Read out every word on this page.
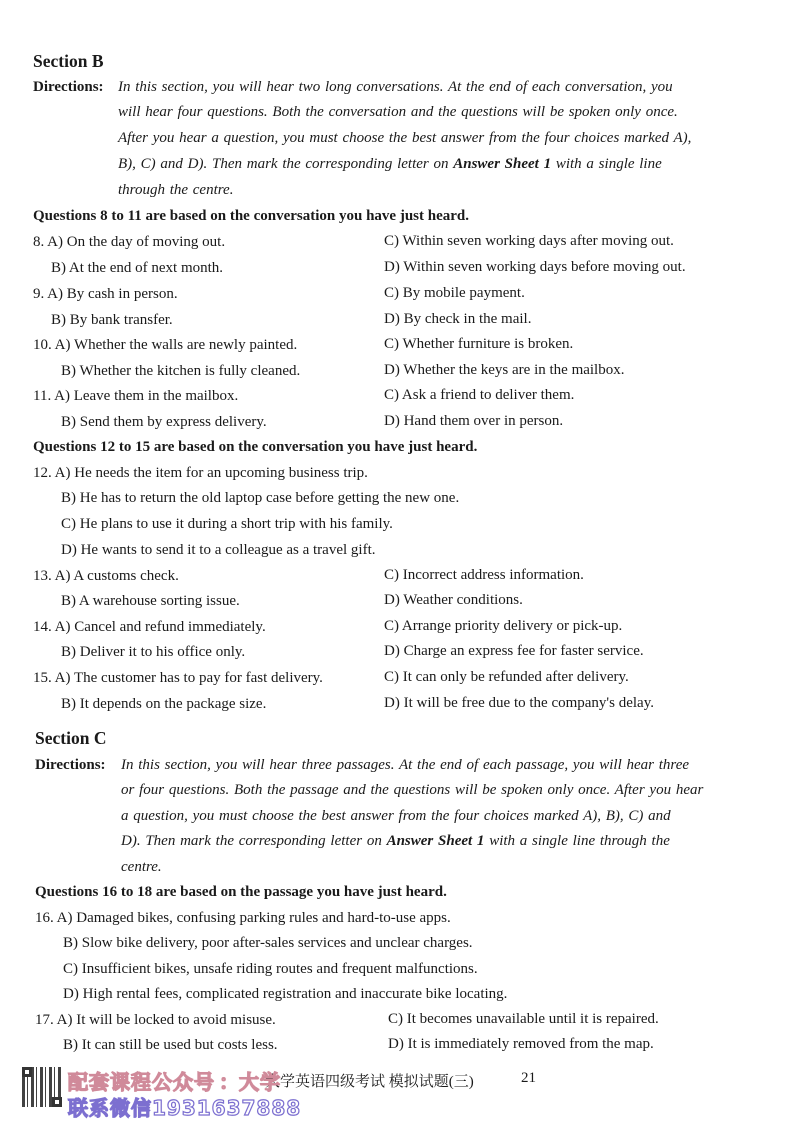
Section B
Directions: In this section, you will hear two long conversations. At the end of each conversation, you
will hear four questions. Both the conversation and the questions will be spoken only once.
After you hear a question, you must choose the best answer from the four choices marked A),
B), C) and D). Then mark the corresponding letter on Answer Sheet 1 with a single line
through the centre.
Questions 8 to 11 are based on the conversation you have just heard.
8. A) On the day of moving out.	C) Within seven working days after moving out.
B) At the end of next month.	D) Within seven working days before moving out.
9. A) By cash in person.	C) By mobile payment.
B) By bank transfer.	D) By check in the mail.
10. A) Whether the walls are newly painted.	C) Whether furniture is broken.
B) Whether the kitchen is fully cleaned.	D) Whether the keys are in the mailbox.
11. A) Leave them in the mailbox.	C) Ask a friend to deliver them.
B) Send them by express delivery.	D) Hand them over in person.
Questions 12 to 15 are based on the conversation you have just heard.
12. A) He needs the item for an upcoming business trip.
B) He has to return the old laptop case before getting the new one.
C) He plans to use it during a short trip with his family.
D) He wants to send it to a colleague as a travel gift.
13. A) A customs check.	C) Incorrect address information.
B) A warehouse sorting issue.	D) Weather conditions.
14. A) Cancel and refund immediately.	C) Arrange priority delivery or pick-up.
B) Deliver it to his office only.	D) Charge an express fee for faster service.
15. A) The customer has to pay for fast delivery.	C) It can only be refunded after delivery.
B) It depends on the package size.	D) It will be free due to the company's delay.
Section C
Directions: In this section, you will hear three passages. At the end of each passage, you will hear three
or four questions. Both the passage and the questions will be spoken only once. After you hear
a question, you must choose the best answer from the four choices marked A), B), C) and
D). Then mark the corresponding letter on Answer Sheet 1 with a single line through the
centre.
Questions 16 to 18 are based on the passage you have just heard.
16. A) Damaged bikes, confusing parking rules and hard-to-use apps.
B) Slow bike delivery, poor after-sales services and unclear charges.
C) Insufficient bikes, unsafe riding routes and frequent malfunctions.
D) High rental fees, complicated registration and inaccurate bike locating.
17. A) It will be locked to avoid misuse.	C) It becomes unavailable until it is repaired.
B) It can still be used but costs less.	D) It is immediately removed from the map.
大学英语四级考试 模拟试题(三)	21
配套课程公众号 ：大学
联系微信1931637888
